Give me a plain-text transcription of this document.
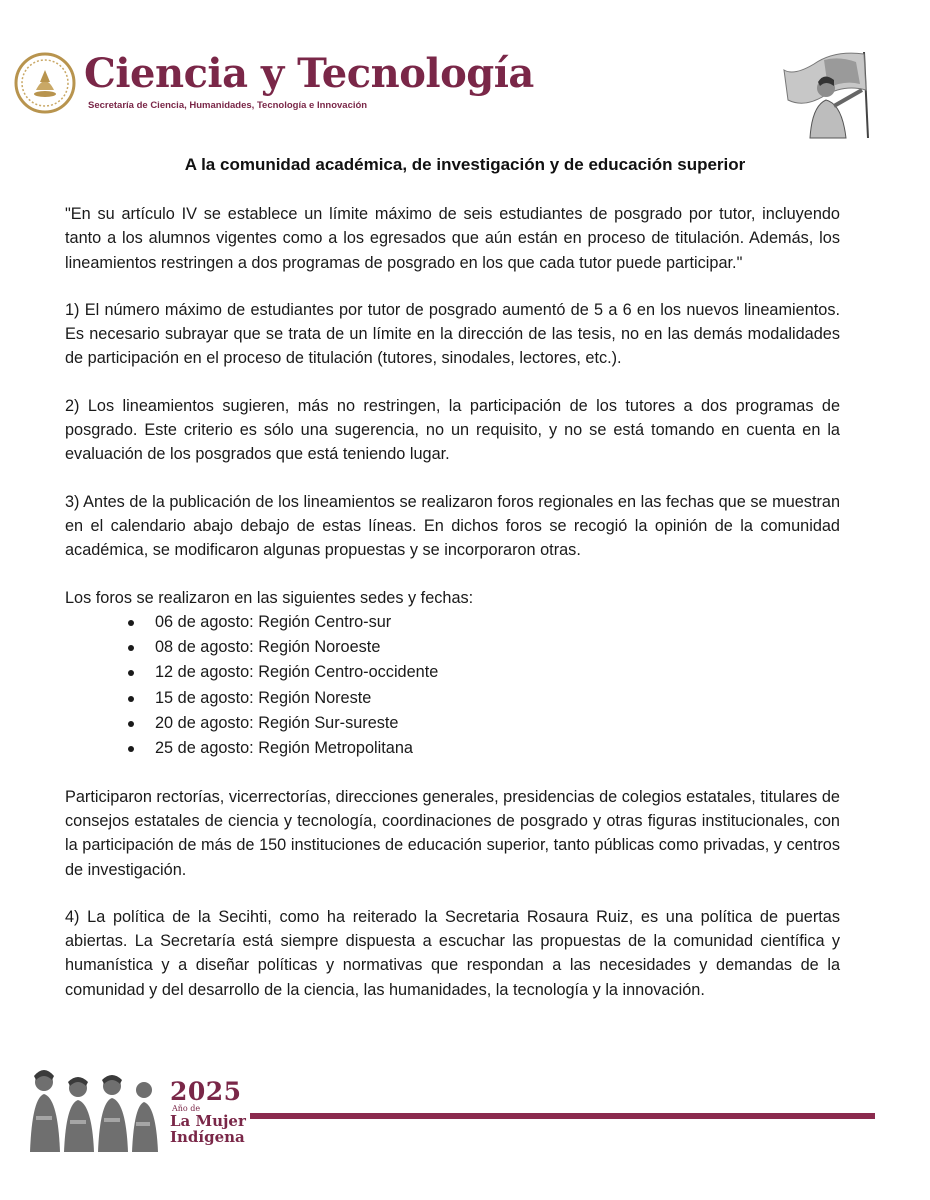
Ciencia y Tecnología
Secretaría de Ciencia, Humanidades, Tecnología e Innovación
A la comunidad académica, de investigación y de educación superior

"En su artículo IV se establece un límite máximo de seis estudiantes de posgrado por tutor, incluyendo tanto a los alumnos vigentes como a los egresados que aún están en proceso de titulación. Además, los lineamientos restringen a dos programas de posgrado en los que cada tutor puede participar."

1) El número máximo de estudiantes por tutor de posgrado aumentó de 5 a 6 en los nuevos lineamientos. Es necesario subrayar que se trata de un límite en la dirección de las tesis, no en las demás modalidades de participación en el proceso de titulación (tutores, sinodales, lectores, etc.).

2) Los lineamientos sugieren, más no restringen, la participación de los tutores a dos programas de posgrado. Este criterio es sólo una sugerencia, no un requisito, y no se está tomando en cuenta en la evaluación de los posgrados que está teniendo lugar.

3) Antes de la publicación de los lineamientos se realizaron foros regionales en las fechas que se muestran en el calendario abajo debajo de estas líneas. En dichos foros se recogió la opinión de la comunidad académica, se modificaron algunas propuestas y se incorporaron otras.

Los foros se realizaron en las siguientes sedes y fechas:

06 de agosto: Región Centro-sur
08 de agosto: Región Noroeste
12 de agosto: Región Centro-occidente
15 de agosto: Región Noreste
20 de agosto: Región Sur-sureste
25 de agosto: Región Metropolitana

Participaron rectorías, vicerrectorías, direcciones generales, presidencias de colegios estatales, titulares de consejos estatales de ciencia y tecnología, coordinaciones de posgrado y otras figuras institucionales, con la participación de más de 150 instituciones de educación superior, tanto públicas como privadas, y centros de investigación.

4) La política de la Secihti, como ha reiterado la Secretaria Rosaura Ruiz, es una política de puertas abiertas. La Secretaría está siempre dispuesta a escuchar las propuestas de la comunidad científica y humanística y a diseñar políticas y normativas que respondan a las necesidades y demandas de la comunidad y del desarrollo de la ciencia, las humanidades, la tecnología y la innovación.

2025
Año de
La Mujer
Indígena
